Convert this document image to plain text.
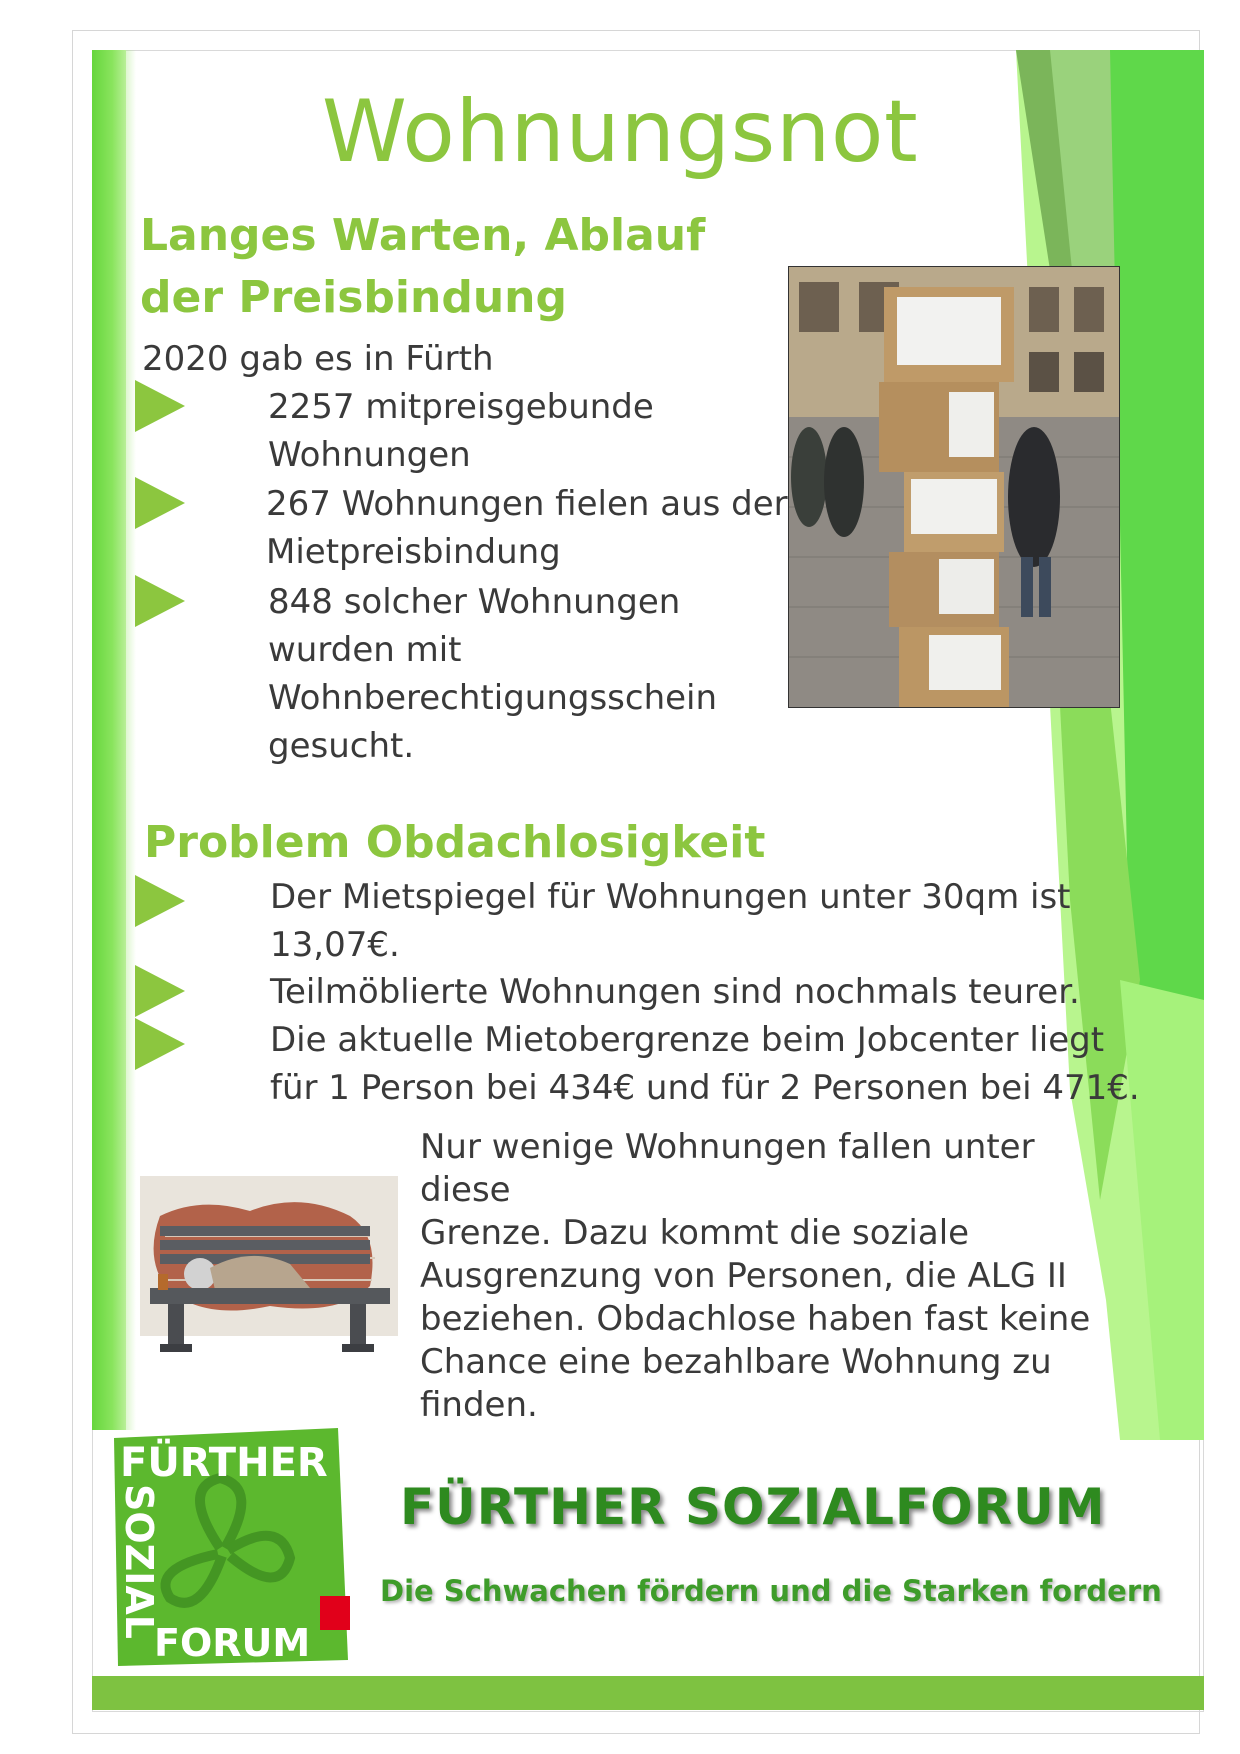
Wohnungsnot
Langes Warten, Ablauf
der Preisbindung
2020 gab es in Fürth
2257 mitpreisgebunde
Wohnungen
267 Wohnungen fielen aus der
Mietpreisbindung
848 solcher Wohnungen
wurden mit
Wohnberechtigungsschein
gesucht.
Problem Obdachlosigkeit
Der Mietspiegel für Wohnungen unter 30qm ist
13,07€.
Teilmöblierte Wohnungen sind nochmals teurer.
Die aktuelle Mietobergrenze beim Jobcenter liegt
für 1 Person bei 434€ und für 2 Personen bei 471€.
Nur wenige Wohnungen fallen unter diese
Grenze. Dazu kommt die soziale
Ausgrenzung von Personen, die ALG II
beziehen. Obdachlose haben fast keine
Chance eine bezahlbare Wohnung zu
finden.
FÜRTHER
SOZIAL
FORUM
FÜRTHER SOZIALFORUM
Die Schwachen fördern und die Starken fordern
